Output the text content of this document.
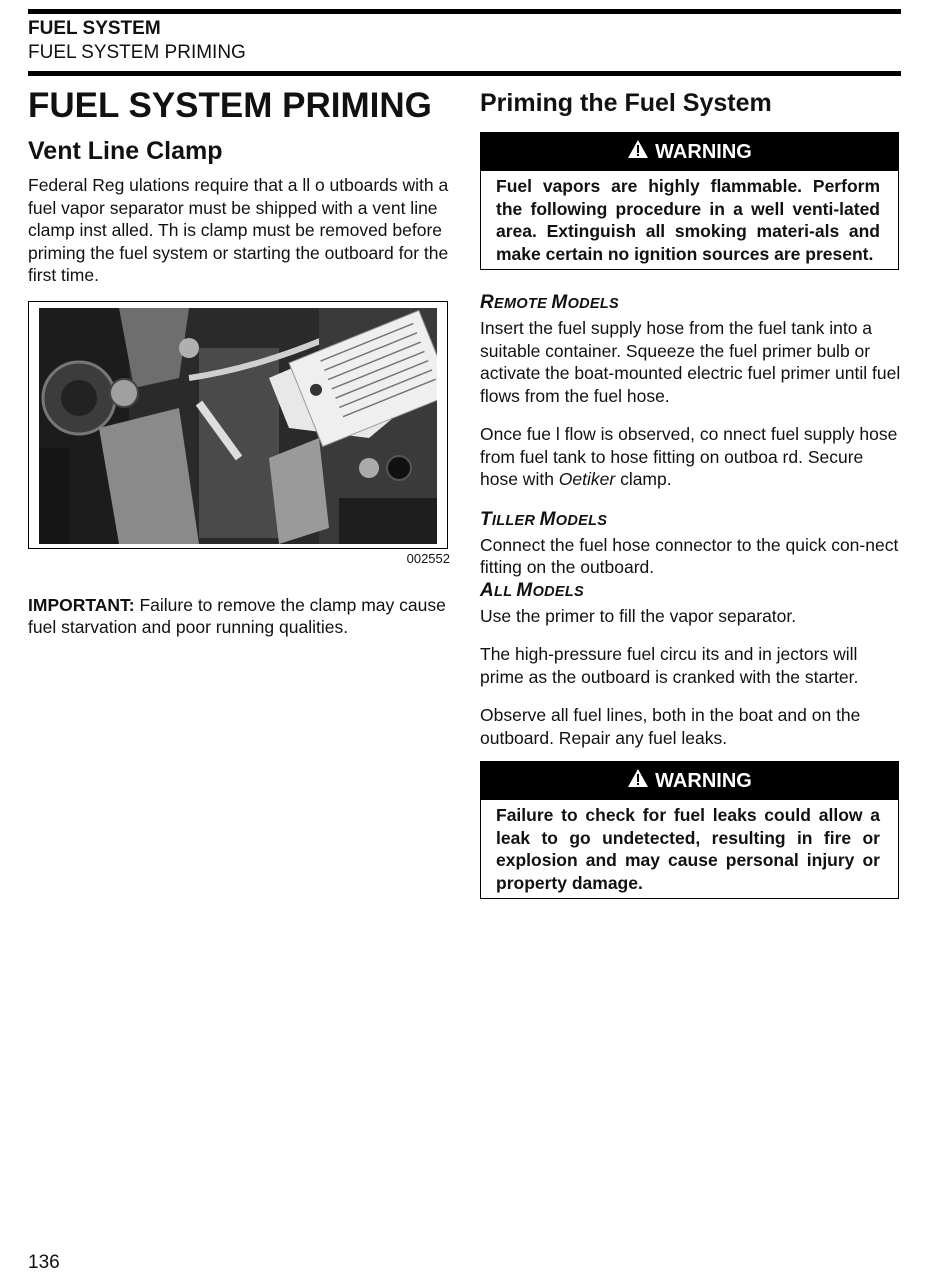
FUEL SYSTEM
FUEL SYSTEM PRIMING
FUEL SYSTEM PRIMING
Vent Line Clamp

Federal Reg ulations require that a ll o utboards with a fuel vapor separator must be shipped with a vent line clamp inst alled. Th is clamp must be removed before priming the fuel system or starting the outboard for the first time.

002552

IMPORTANT: Failure to remove the clamp may cause fuel starvation and poor running qualities.

Priming the Fuel System
WARNING
Fuel vapors are highly flammable. Perform the following procedure in a well venti-lated area. Extinguish all smoking materi-als and make certain no ignition sources are present.

REMOTE MODELS

Insert the fuel supply hose from the fuel tank into a suitable container. Squeeze the fuel primer bulb or activate the boat-mounted electric fuel primer until fuel flows from the fuel hose.

Once fue l flow is observed, co nnect fuel supply hose from fuel tank to hose fitting on outboa rd. Secure hose with Oetiker clamp.

TILLER MODELS

Connect the fuel hose connector to the quick con-nect fitting on the outboard.

ALL MODELS

Use the primer to fill the vapor separator.

The high-pressure fuel circu its and in jectors will prime as the outboard is cranked with the starter.

Observe all fuel lines, both in the boat and on the outboard. Repair any fuel leaks.

WARNING
Failure to check for fuel leaks could allow a leak to go undetected, resulting in fire or explosion and may cause personal injury or property damage.
136
